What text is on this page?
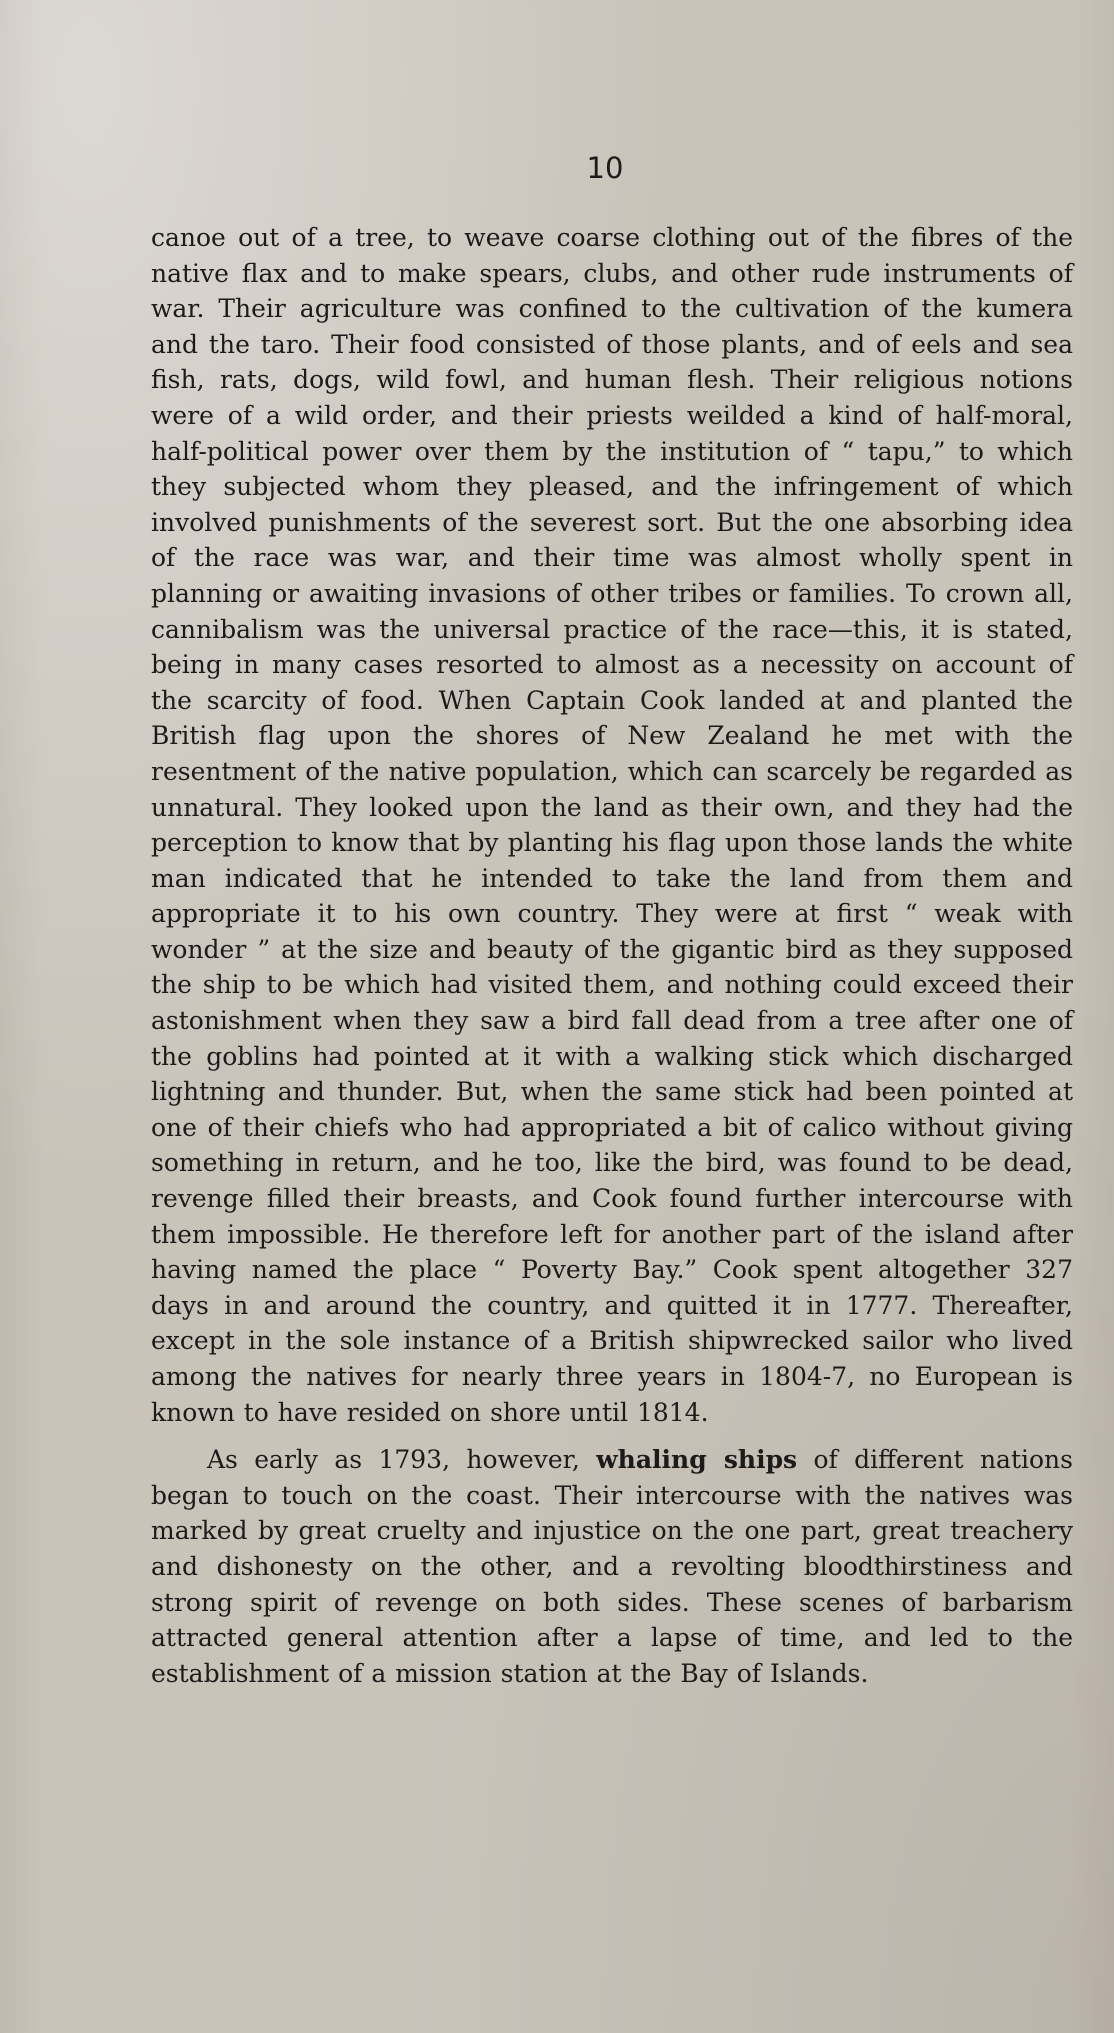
10

canoe out of a tree, to weave coarse clothing out of the fibres of the native flax and to make spears, clubs, and other rude instruments of war. Their agriculture was confined to the cultivation of the kumera and the taro. Their food consisted of those plants, and of eels and sea fish, rats, dogs, wild fowl, and human flesh. Their religious notions were of a wild order, and their priests weilded a kind of half-moral, half-political power over them by the institution of “ tapu,” to which they subjected whom they pleased, and the infringement of which involved punishments of the severest sort. But the one absorbing idea of the race was war, and their time was almost wholly spent in planning or awaiting invasions of other tribes or families. To crown all, cannibalism was the universal practice of the race—this, it is stated, being in many cases resorted to almost as a necessity on account of the scarcity of food. When Captain Cook landed at and planted the British flag upon the shores of New Zealand he met with the resentment of the native population, which can scarcely be regarded as unnatural. They looked upon the land as their own, and they had the perception to know that by planting his flag upon those lands the white man indicated that he intended to take the land from them and appropriate it to his own country. They were at first “ weak with wonder ” at the size and beauty of the gigantic bird as they supposed the ship to be which had visited them, and nothing could exceed their astonishment when they saw a bird fall dead from a tree after one of the goblins had pointed at it with a walking stick which discharged lightning and thunder. But, when the same stick had been pointed at one of their chiefs who had appropriated a bit of calico without giving something in return, and he too, like the bird, was found to be dead, revenge filled their breasts, and Cook found further intercourse with them impossible. He therefore left for another part of the island after having named the place “ Poverty Bay.” Cook spent altogether 327 days in and around the country, and quitted it in 1777. Thereafter, except in the sole instance of a British shipwrecked sailor who lived among the natives for nearly three years in 1804-7, no European is known to have resided on shore until 1814.

As early as 1793, however, whaling ships of different nations began to touch on the coast. Their intercourse with the natives was marked by great cruelty and injustice on the one part, great treachery and dishonesty on the other, and a revolting bloodthirstiness and strong spirit of revenge on both sides. These scenes of barbarism attracted general attention after a lapse of time, and led to the establishment of a mission station at the Bay of Islands.
